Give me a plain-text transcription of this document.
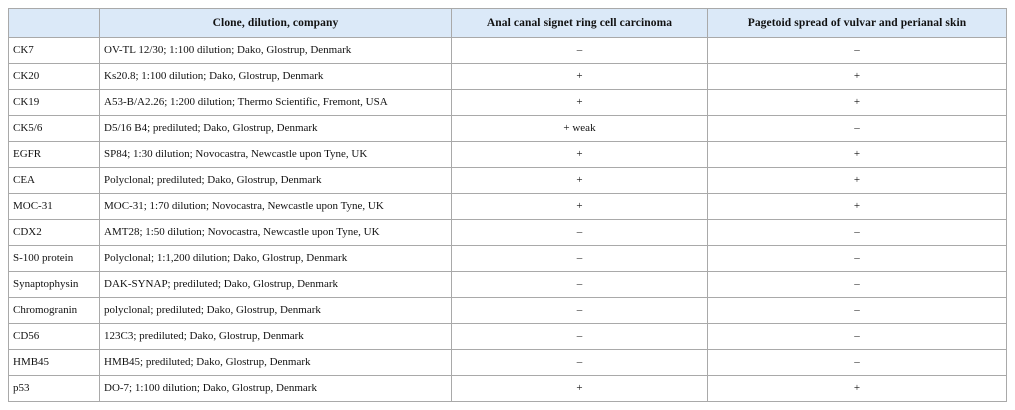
	Clone, dilution, company	Anal canal signet ring cell carcinoma	Pagetoid spread of vulvar and perianal skin
CK7	OV-TL 12/30; 1:100 dilution; Dako, Glostrup, Denmark	–	–
CK20	Ks20.8; 1:100 dilution; Dako, Glostrup, Denmark	+	+
CK19	A53-B/A2.26; 1:200 dilution; Thermo Scientific, Fremont, USA	+	+
CK5/6	D5/16 B4; prediluted; Dako, Glostrup, Denmark	+ weak	–
EGFR	SP84; 1:30 dilution; Novocastra, Newcastle upon Tyne, UK	+	+
CEA	Polyclonal; prediluted; Dako, Glostrup, Denmark	+	+
MOC-31	MOC-31; 1:70 dilution; Novocastra, Newcastle upon Tyne, UK	+	+
CDX2	AMT28; 1:50 dilution; Novocastra, Newcastle upon Tyne, UK	–	–
S-100 protein	Polyclonal; 1:1,200 dilution; Dako, Glostrup, Denmark	–	–
Synaptophysin	DAK-SYNAP; prediluted; Dako, Glostrup, Denmark	–	–
Chromogranin	polyclonal; prediluted; Dako, Glostrup, Denmark	–	–
CD56	123C3; prediluted; Dako, Glostrup, Denmark	–	–
HMB45	HMB45; prediluted; Dako, Glostrup, Denmark	–	–
p53	DO-7; 1:100 dilution; Dako, Glostrup, Denmark	+	+
